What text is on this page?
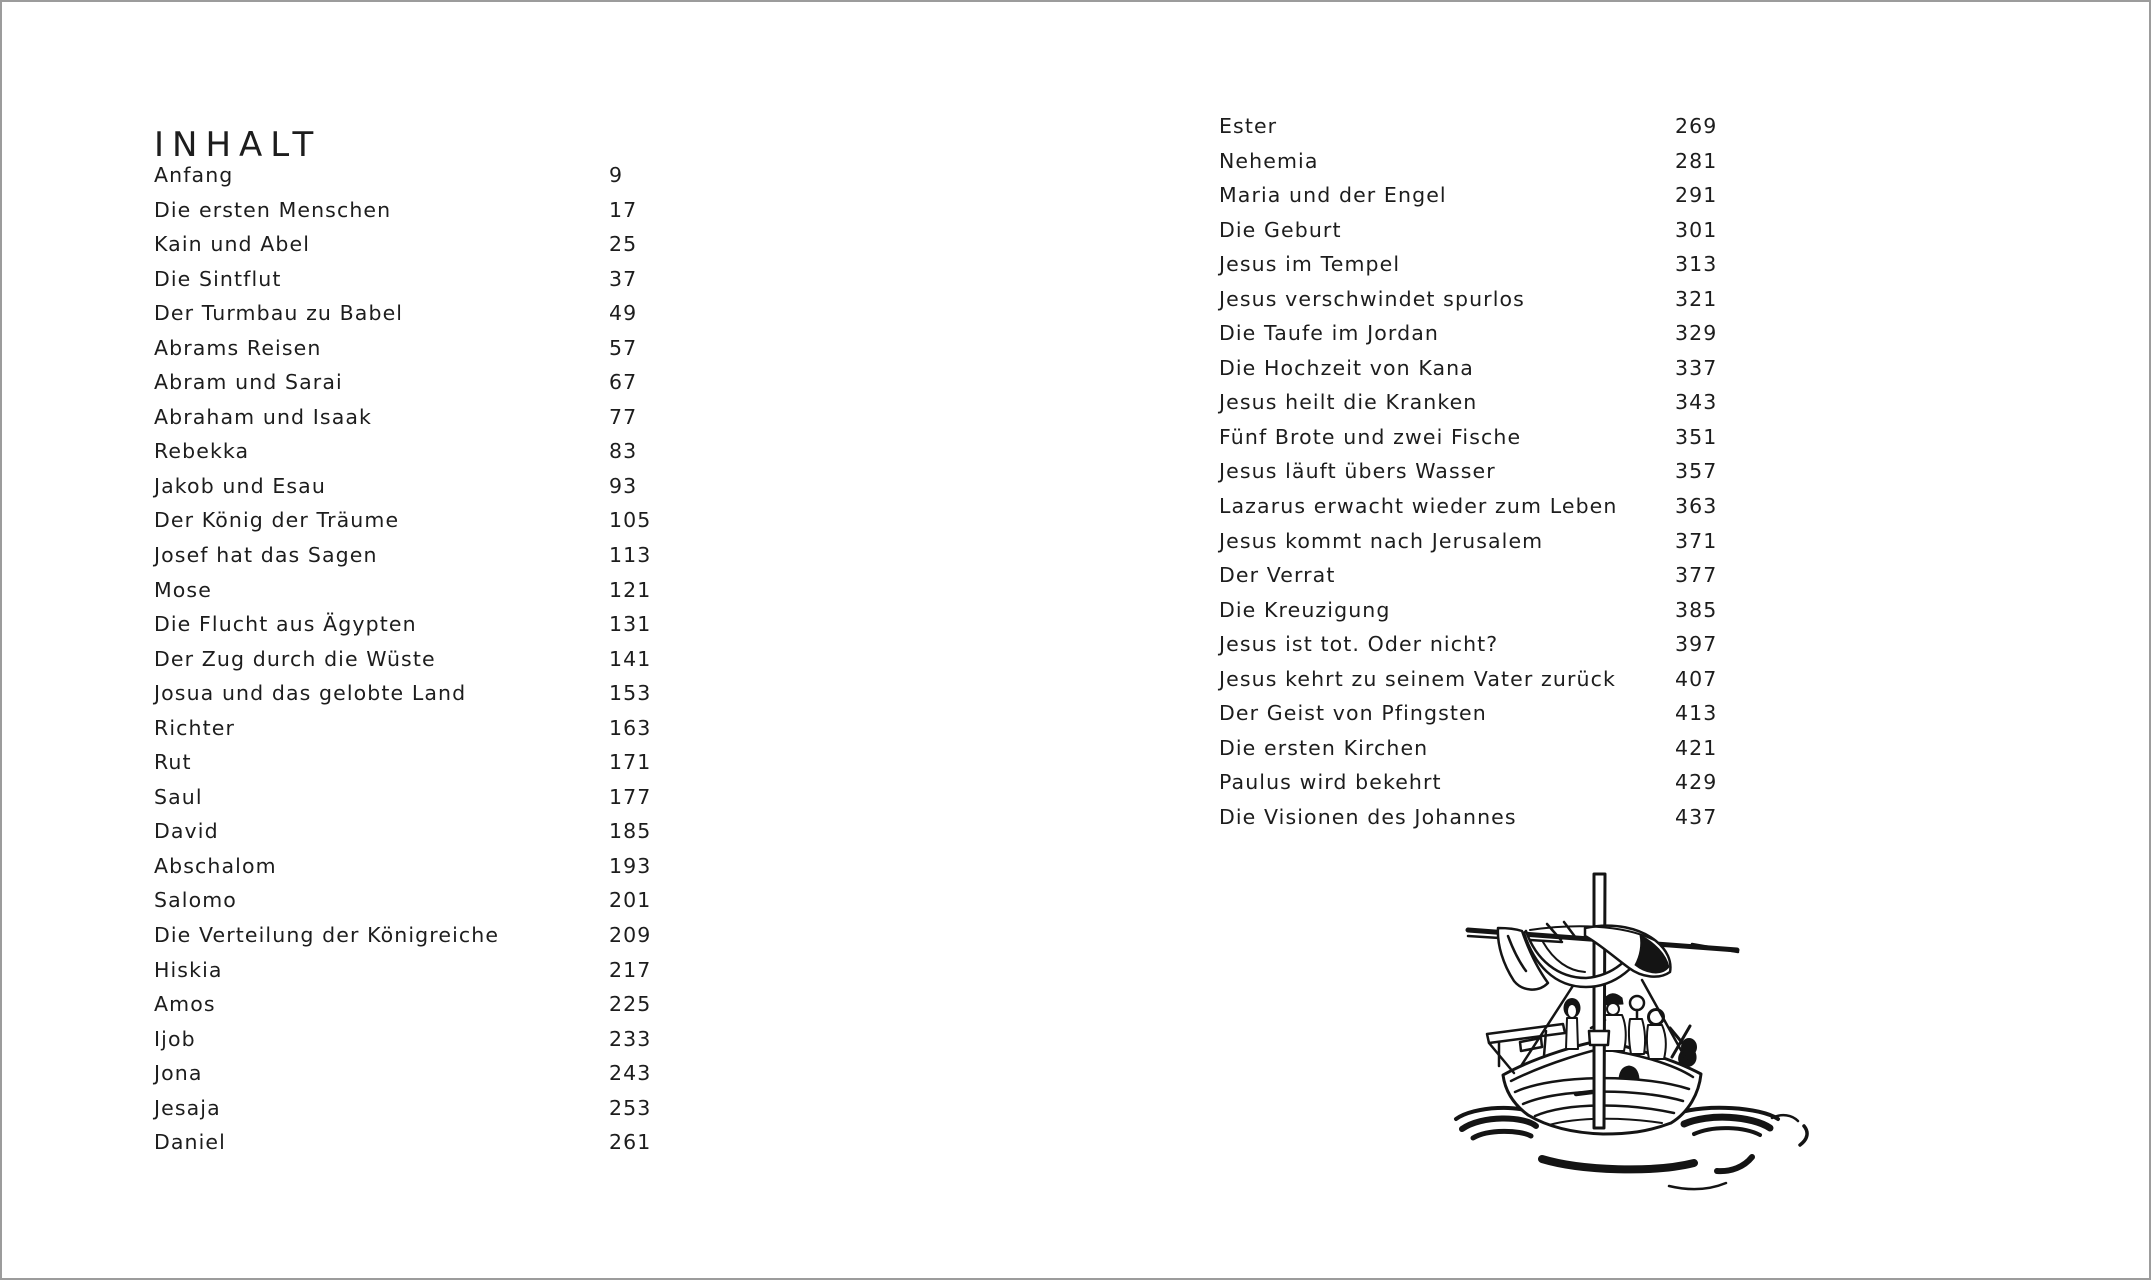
INHALT
Anfang	9
Die ersten Menschen	17
Kain und Abel	25
Die Sintflut	37
Der Turmbau zu Babel	49
Abrams Reisen	57
Abram und Sarai	67
Abraham und Isaak	77
Rebekka	83
Jakob und Esau	93
Der König der Träume	105
Josef hat das Sagen	113
Mose	121
Die Flucht aus Ägypten	131
Der Zug durch die Wüste	141
Josua und das gelobte Land	153
Richter	163
Rut	171
Saul	177
David	185
Abschalom	193
Salomo	201
Die Verteilung der Königreiche	209
Hiskia	217
Amos	225
Ijob	233
Jona	243
Jesaja	253
Daniel	261
Ester	269
Nehemia	281
Maria und der Engel	291
Die Geburt	301
Jesus im Tempel	313
Jesus verschwindet spurlos	321
Die Taufe im Jordan	329
Die Hochzeit von Kana	337
Jesus heilt die Kranken	343
Fünf Brote und zwei Fische	351
Jesus läuft übers Wasser	357
Lazarus erwacht wieder zum Leben	363
Jesus kommt nach Jerusalem	371
Der Verrat	377
Die Kreuzigung	385
Jesus ist tot. Oder nicht?	397
Jesus kehrt zu seinem Vater zurück	407
Der Geist von Pfingsten	413
Die ersten Kirchen	421
Paulus wird bekehrt	429
Die Visionen des Johannes	437
